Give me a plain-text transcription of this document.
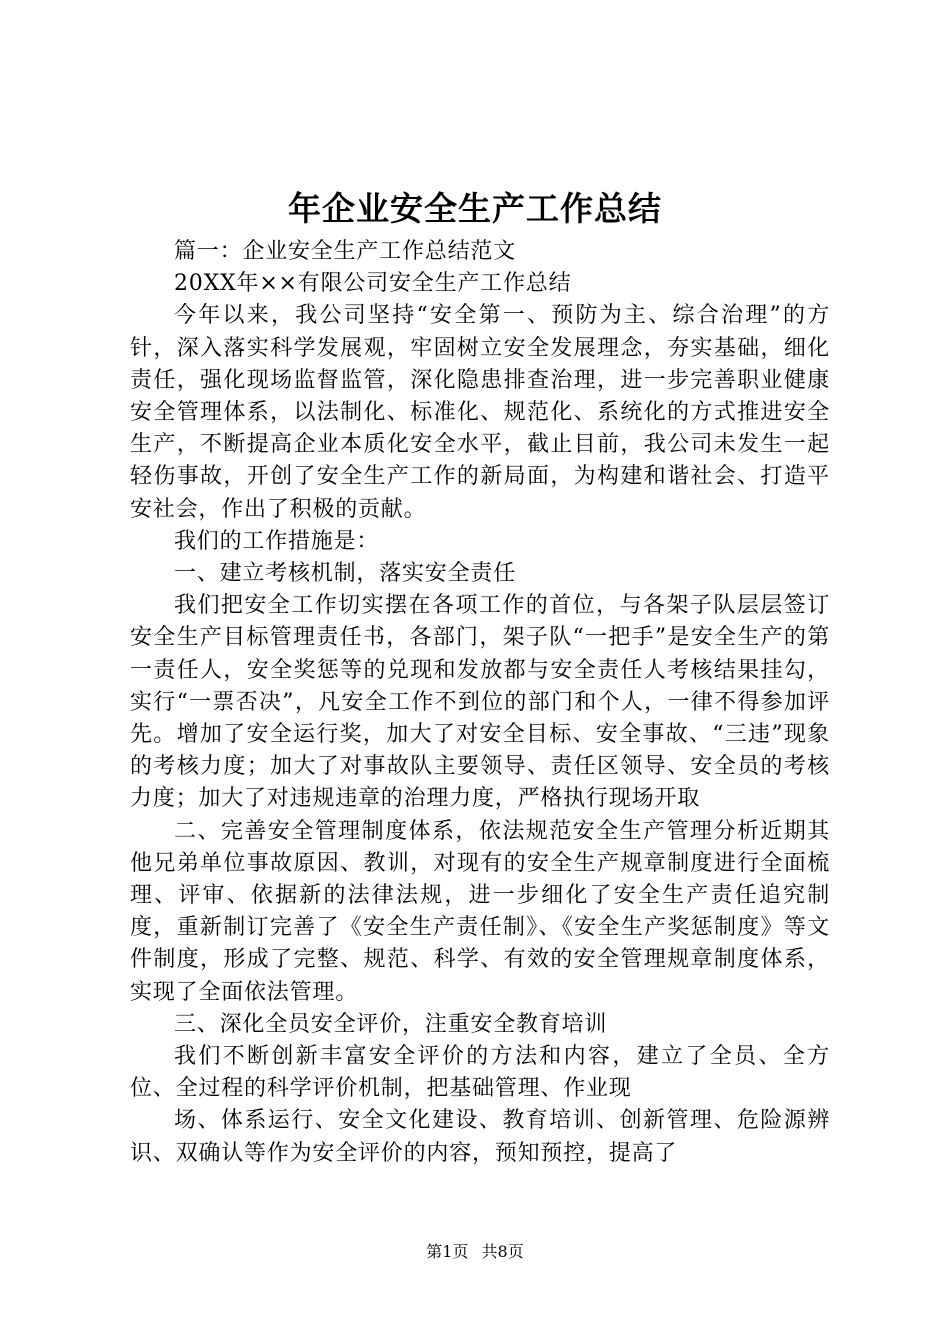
年企业安全生产工作总结

篇一：企业安全生产工作总结范文

20XX年××有限公司安全生产工作总结

今年以来，我公司坚持“安全第一、预防为主、综合治理”的方针，深入落实科学发展观，牢固树立安全发展理念，夯实基础，细化责任，强化现场监督监管，深化隐患排查治理，进一步完善职业健康安全管理体系，以法制化、标准化、规范化、系统化的方式推进安全生产，不断提高企业本质化安全水平，截止目前，我公司未发生一起轻伤事故，开创了安全生产工作的新局面，为构建和谐社会、打造平安社会，作出了积极的贡献。

我们的工作措施是：

一、建立考核机制，落实安全责任

我们把安全工作切实摆在各项工作的首位，与各架子队层层签订安全生产目标管理责任书，各部门，架子队“一把手”是安全生产的第一责任人，安全奖惩等的兑现和发放都与安全责任人考核结果挂勾，实行“一票否决”，凡安全工作不到位的部门和个人，一律不得参加评先。增加了安全运行奖，加大了对安全目标、安全事故、“三违”现象的考核力度；加大了对事故队主要领导、责任区领导、安全员的考核力度；加大了对违规违章的治理力度，严格执行现场开取

二、完善安全管理制度体系，依法规范安全生产管理分析近期其他兄弟单位事故原因、教训，对现有的安全生产规章制度进行全面梳理、评审、依据新的法律法规，进一步细化了安全生产责任追究制度，重新制订完善了《安全生产责任制》、《安全生产奖惩制度》等文件制度，形成了完整、规范、科学、有效的安全管理规章制度体系，实现了全面依法管理。

三、深化全员安全评价，注重安全教育培训

我们不断创新丰富安全评价的方法和内容，建立了全员、全方位、全过程的科学评价机制，把基础管理、作业现

场、体系运行、安全文化建设、教育培训、创新管理、危险源辨识、双确认等作为安全评价的内容，预知预控，提高了

第1页 共8页
